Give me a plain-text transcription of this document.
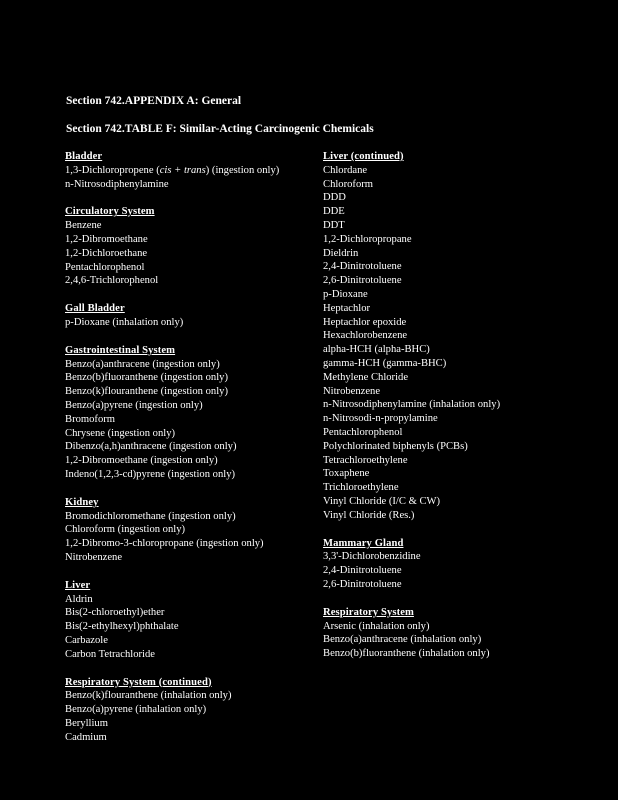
Section 742.APPENDIX A: General
Section 742.TABLE F: Similar-Acting Carcinogenic Chemicals
Bladder
1,3-Dichloropropene (cis + trans) (ingestion only)
n-Nitrosodiphenylamine
Circulatory System
Benzene
1,2-Dibromoethane
1,2-Dichloroethane
Pentachlorophenol
2,4,6-Trichlorophenol
Gall Bladder
p-Dioxane (inhalation only)
Gastrointestinal System
Benzo(a)anthracene (ingestion only)
Benzo(b)fluoranthene (ingestion only)
Benzo(k)flouranthene (ingestion only)
Benzo(a)pyrene (ingestion only)
Bromoform
Chrysene (ingestion only)
Dibenzo(a,h)anthracene (ingestion only)
1,2-Dibromoethane (ingestion only)
Indeno(1,2,3-cd)pyrene (ingestion only)
Kidney
Bromodichloromethane (ingestion only)
Chloroform (ingestion only)
1,2-Dibromo-3-chloropropane (ingestion only)
Nitrobenzene
Liver
Aldrin
Bis(2-chloroethyl)ether
Bis(2-ethylhexyl)phthalate
Carbazole
Carbon Tetrachloride
Respiratory System (continued)
Benzo(k)flouranthene (inhalation only)
Benzo(a)pyrene (inhalation only)
Beryllium
Cadmium
Liver (continued)
Chlordane
Chloroform
DDD
DDE
DDT
1,2-Dichloropropane
Dieldrin
2,4-Dinitrotoluene
2,6-Dinitrotoluene
p-Dioxane
Heptachlor
Heptachlor epoxide
Hexachlorobenzene
alpha-HCH (alpha-BHC)
gamma-HCH (gamma-BHC)
Methylene Chloride
Nitrobenzene
n-Nitrosodiphenylamine (inhalation only)
n-Nitrosodi-n-propylamine
Pentachlorophenol
Polychlorinated biphenyls (PCBs)
Tetrachloroethylene
Toxaphene
Trichloroethylene
Vinyl Chloride (I/C & CW)
Vinyl Chloride (Res.)
Mammary Gland
3,3'-Dichlorobenzidine
2,4-Dinitrotoluene
2,6-Dinitrotoluene
Respiratory System
Arsenic (inhalation only)
Benzo(a)anthracene (inhalation only)
Benzo(b)fluoranthene (inhalation only)
